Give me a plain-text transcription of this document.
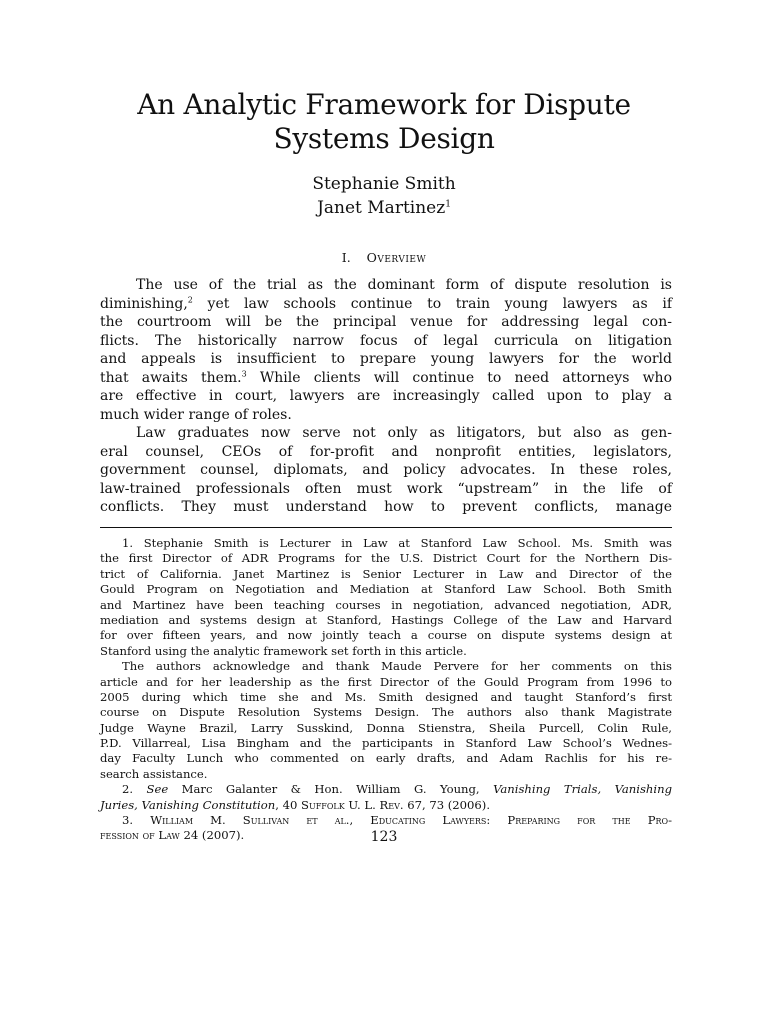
An Analytic Framework for Dispute
Systems Design
Stephanie Smith
Janet Martinez$^1$
I. Overview
The use of the trial as the dominant form of dispute resolution is
diminishing,$^2$ yet law schools continue to train young lawyers as if
the courtroom will be the principal venue for addressing legal con-
flicts. The historically narrow focus of legal curricula on litigation
and appeals is insufficient to prepare young lawyers for the world
that awaits them.$^3$ While clients will continue to need attorneys who
are effective in court, lawyers are increasingly called upon to play a
much wider range of roles.
Law graduates now serve not only as litigators, but also as gen-
eral counsel, CEOs of for-profit and nonprofit entities, legislators,
government counsel, diplomats, and policy advocates. In these roles,
law-trained professionals often must work “upstream” in the life of
conflicts. They must understand how to prevent conflicts, manage
1. Stephanie Smith is Lecturer in Law at Stanford Law School. Ms. Smith was
the first Director of ADR Programs for the U.S. District Court for the Northern Dis-
trict of California. Janet Martinez is Senior Lecturer in Law and Director of the
Gould Program on Negotiation and Mediation at Stanford Law School. Both Smith
and Martinez have been teaching courses in negotiation, advanced negotiation, ADR,
mediation and systems design at Stanford, Hastings College of the Law and Harvard
for over fifteen years, and now jointly teach a course on dispute systems design at
Stanford using the analytic framework set forth in this article.
The authors acknowledge and thank Maude Pervere for her comments on this
article and for her leadership as the first Director of the Gould Program from 1996 to
2005 during which time she and Ms. Smith designed and taught Stanford’s first
course on Dispute Resolution Systems Design. The authors also thank Magistrate
Judge Wayne Brazil, Larry Susskind, Donna Stienstra, Sheila Purcell, Colin Rule,
P.D. Villarreal, Lisa Bingham and the participants in Stanford Law School’s Wednes-
day Faculty Lunch who commented on early drafts, and Adam Rachlis for his re-
search assistance.
2. See Marc Galanter & Hon. William G. Young, Vanishing Trials, Vanishing
Juries, Vanishing Constitution, 40 Suffolk U. L. Rev. 67, 73 (2006).
3. William M. Sullivan et al., Educating Lawyers: Preparing for the Pro-
fession of Law 24 (2007).	123
